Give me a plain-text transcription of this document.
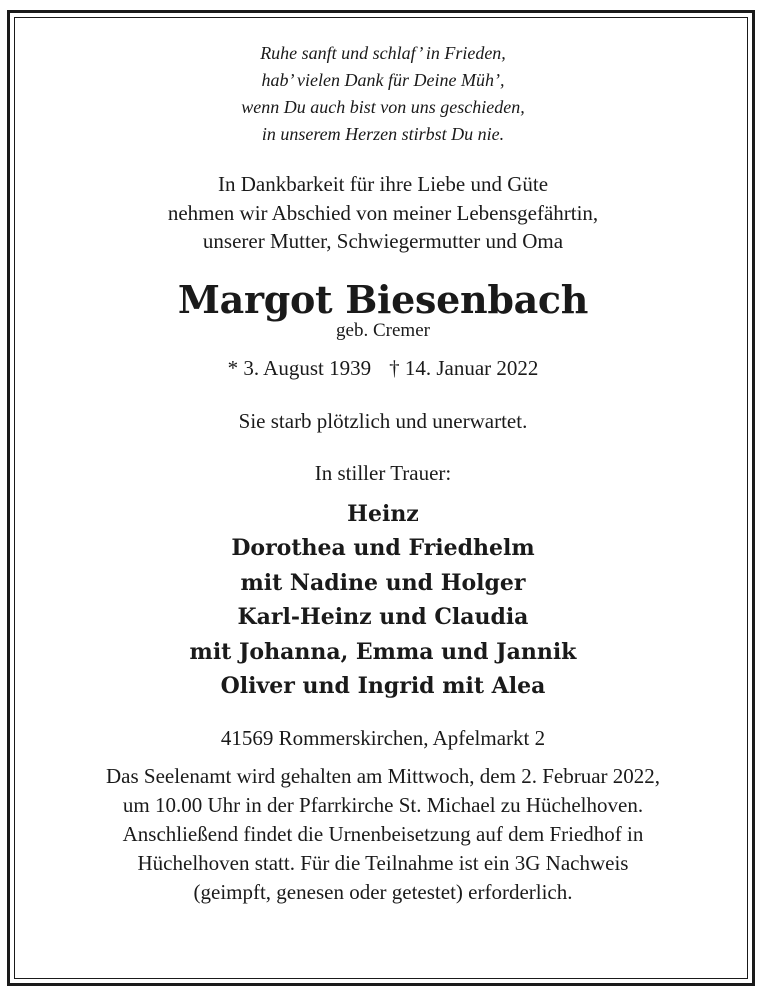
Ruhe sanft und schlaf’ in Frieden,
hab’ vielen Dank für Deine Müh’,
wenn Du auch bist von uns geschieden,
in unserem Herzen stirbst Du nie.
In Dankbarkeit für ihre Liebe und Güte
nehmen wir Abschied von meiner Lebensgefährtin,
unserer Mutter, Schwiegermutter und Oma
Margot Biesenbach
geb. Cremer
* 3. August 1939 † 14. Januar 2022
Sie starb plötzlich und unerwartet.
In stiller Trauer:
Heinz
Dorothea und Friedhelm
mit Nadine und Holger
Karl-Heinz und Claudia
mit Johanna, Emma und Jannik
Oliver und Ingrid mit Alea
41569 Rommerskirchen, Apfelmarkt 2
Das Seelenamt wird gehalten am Mittwoch, dem 2. Februar 2022,
um 10.00 Uhr in der Pfarrkirche St. Michael zu Hüchelhoven.
Anschließend findet die Urnenbeisetzung auf dem Friedhof in
Hüchelhoven statt. Für die Teilnahme ist ein 3G Nachweis
(geimpft, genesen oder getestet) erforderlich.
